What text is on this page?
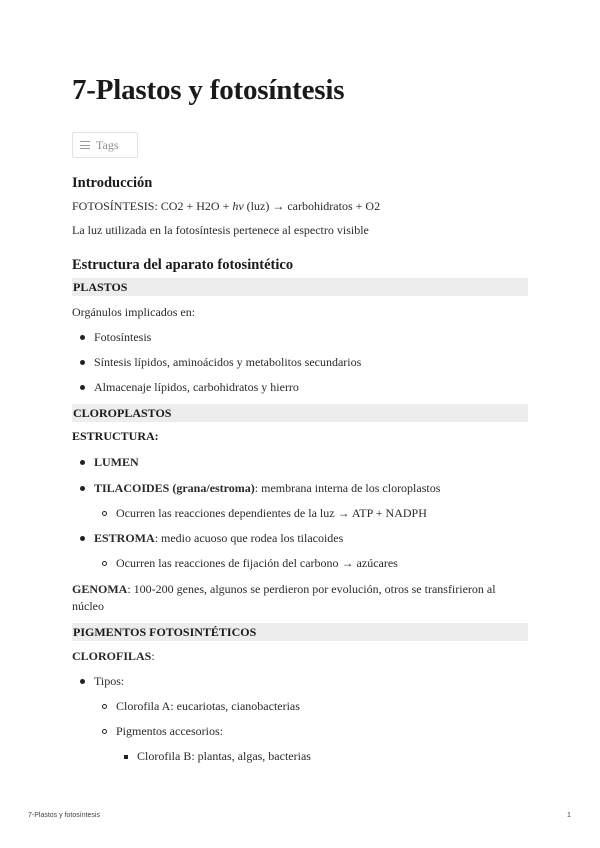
7-Plastos y fotosíntesis
Tags
Introducción
FOTOSÍNTESIS: CO2 + H2O + hν (luz) → carbohidratos + O2
La luz utilizada en la fotosíntesis pertenece al espectro visible
Estructura del aparato fotosintético
PLASTOS
Orgánulos implicados en:
Fotosíntesis
Síntesis lípidos, aminoácidos y metabolitos secundarios
Almacenaje lípidos, carbohidratos y hierro
CLOROPLASTOS
ESTRUCTURA:
LUMEN
TILACOIDES (grana/estroma): membrana interna de los cloroplastos
Ocurren las reacciones dependientes de la luz → ATP + NADPH
ESTROMA: medio acuoso que rodea los tilacoides
Ocurren las reacciones de fijación del carbono → azúcares
GENOMA: 100-200 genes, algunos se perdieron por evolución, otros se transfirieron al
núcleo
PIGMENTOS FOTOSINTÉTICOS
CLOROFILAS:
Tipos:
Clorofila A: eucariotas, cianobacterias
Pigmentos accesorios:
Clorofila B: plantas, algas, bacterias
7-Plastos y fotosíntesis	1
